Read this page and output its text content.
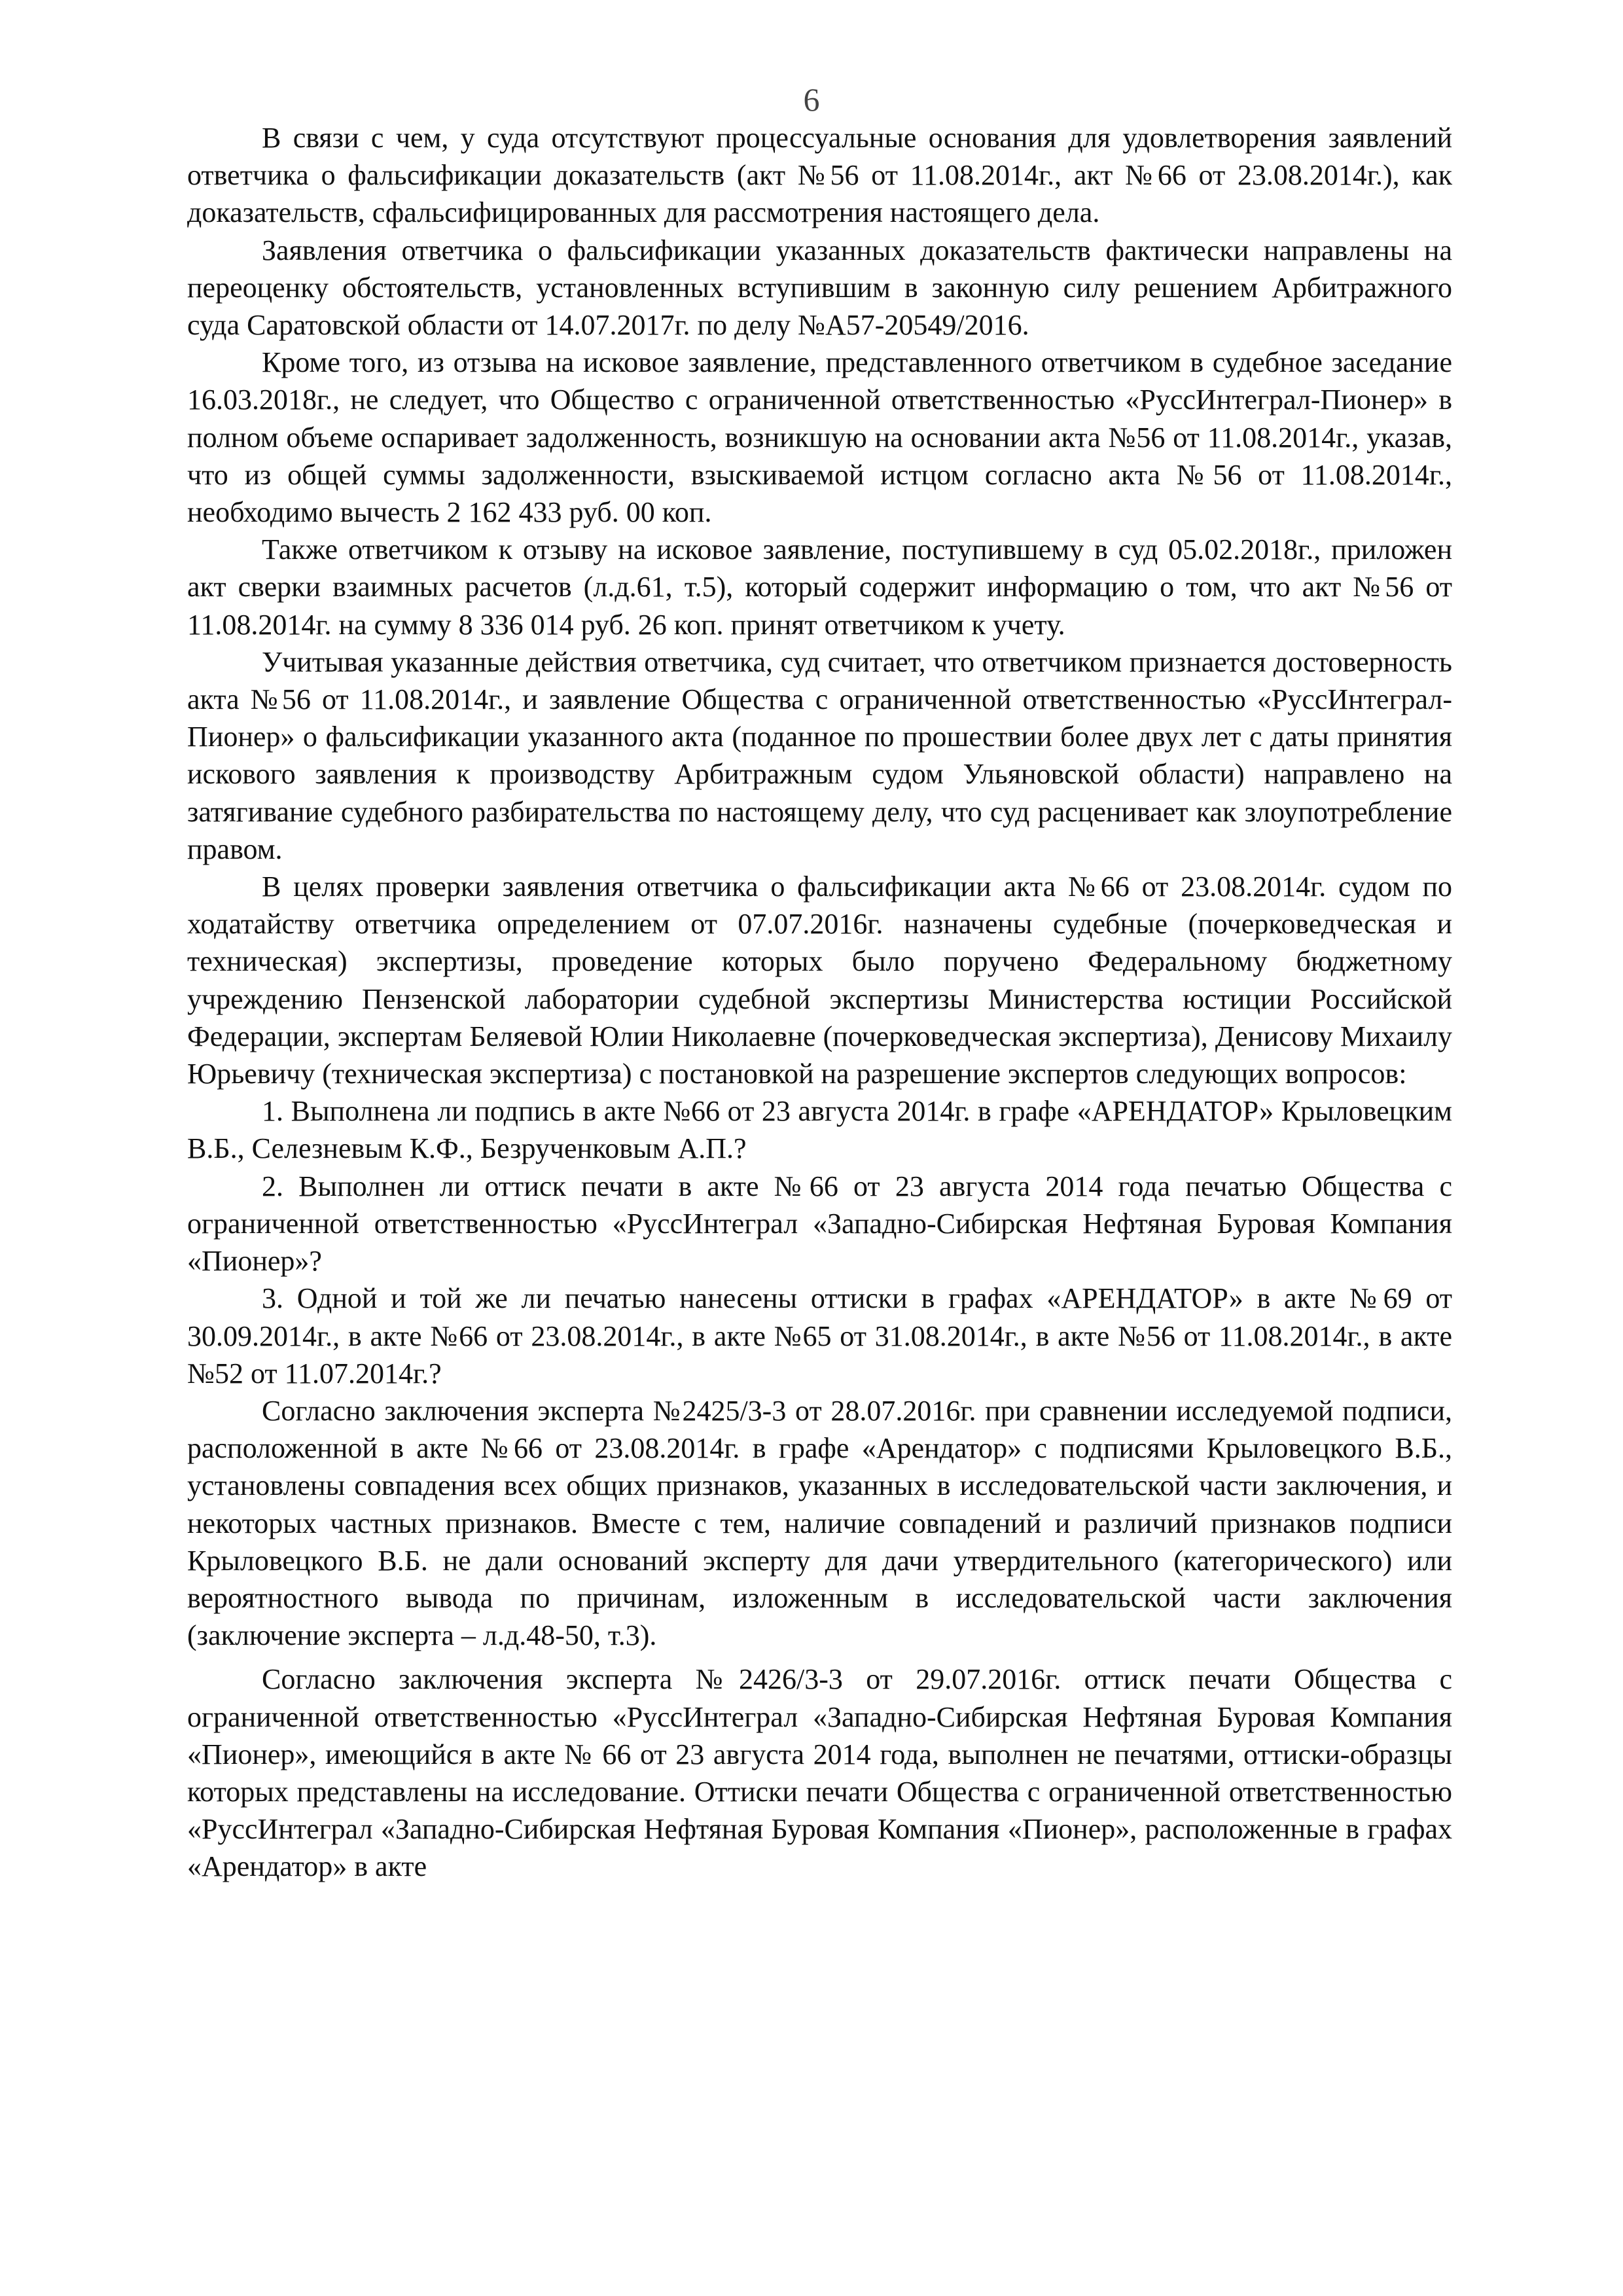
6

В связи с чем, у суда отсутствуют процессуальные основания для удовлетворения заявлений ответчика о фальсификации доказательств (акт №56 от 11.08.2014г., акт №66 от 23.08.2014г.), как доказательств, сфальсифицированных для рассмотрения настоящего дела.

Заявления ответчика о фальсификации указанных доказательств фактически направлены на переоценку обстоятельств, установленных вступившим в законную силу решением Арбитражного суда Саратовской области от 14.07.2017г. по делу №А57-20549/2016.

Кроме того, из отзыва на исковое заявление, представленного ответчиком в судебное заседание 16.03.2018г., не следует, что Общество с ограниченной ответственностью «РуссИнтеграл-Пионер» в полном объеме оспаривает задолженность, возникшую на основании акта №56 от 11.08.2014г., указав, что из общей суммы задолженности, взыскиваемой истцом согласно акта №56 от 11.08.2014г., необходимо вычесть 2 162 433 руб. 00 коп.

Также ответчиком к отзыву на исковое заявление, поступившему в суд 05.02.2018г., приложен акт сверки взаимных расчетов (л.д.61, т.5), который содержит информацию о том, что акт №56 от 11.08.2014г. на сумму 8 336 014 руб. 26 коп. принят ответчиком к учету.

Учитывая указанные действия ответчика, суд считает, что ответчиком признается достоверность акта №56 от 11.08.2014г., и заявление Общества с ограниченной ответственностью «РуссИнтеграл-Пионер» о фальсификации указанного акта (поданное по прошествии более двух лет с даты принятия искового заявления к производству Арбитражным судом Ульяновской области) направлено на затягивание судебного разбирательства по настоящему делу, что суд расценивает как злоупотребление правом.

В целях проверки заявления ответчика о фальсификации акта №66 от 23.08.2014г. судом по ходатайству ответчика определением от 07.07.2016г. назначены судебные (почерковедческая и техническая) экспертизы, проведение которых было поручено Федеральному бюджетному учреждению Пензенской лаборатории судебной экспертизы Министерства юстиции Российской Федерации, экспертам Беляевой Юлии Николаевне (почерковедческая экспертиза), Денисову Михаилу Юрьевичу (техническая экспертиза) с постановкой на разрешение экспертов следующих вопросов:

1. Выполнена ли подпись в акте №66 от 23 августа 2014г. в графе «АРЕНДАТОР» Крыловецким В.Б., Селезневым К.Ф., Безрученковым А.П.?

2. Выполнен ли оттиск печати в акте №66 от 23 августа 2014 года печатью Общества с ограниченной ответственностью «РуссИнтеграл «Западно-Сибирская Нефтяная Буровая Компания «Пионер»?

3. Одной и той же ли печатью нанесены оттиски в графах «АРЕНДАТОР» в акте №69 от 30.09.2014г., в акте №66 от 23.08.2014г., в акте №65 от 31.08.2014г., в акте №56 от 11.08.2014г., в акте №52 от 11.07.2014г.?

Согласно заключения эксперта №2425/3-3 от 28.07.2016г. при сравнении исследуемой подписи, расположенной в акте №66 от 23.08.2014г. в графе «Арендатор» с подписями Крыловецкого В.Б., установлены совпадения всех общих признаков, указанных в исследовательской части заключения, и некоторых частных признаков. Вместе с тем, наличие совпадений и различий признаков подписи Крыловецкого В.Б. не дали оснований эксперту для дачи утвердительного (категорического) или вероятностного вывода по причинам, изложенным в исследовательской части заключения (заключение эксперта – л.д.48-50, т.3).

Согласно заключения эксперта №2426/3-3 от 29.07.2016г. оттиск печати Общества с ограниченной ответственностью «РуссИнтеграл «Западно-Сибирская Нефтяная Буровая Компания «Пионер», имеющийся в акте № 66 от 23 августа 2014 года, выполнен не печатями, оттиски-образцы которых представлены на исследование. Оттиски печати Общества с ограниченной ответственностью «РуссИнтеграл «Западно-Сибирская Нефтяная Буровая Компания «Пионер», расположенные в графах «Арендатор» в акте
